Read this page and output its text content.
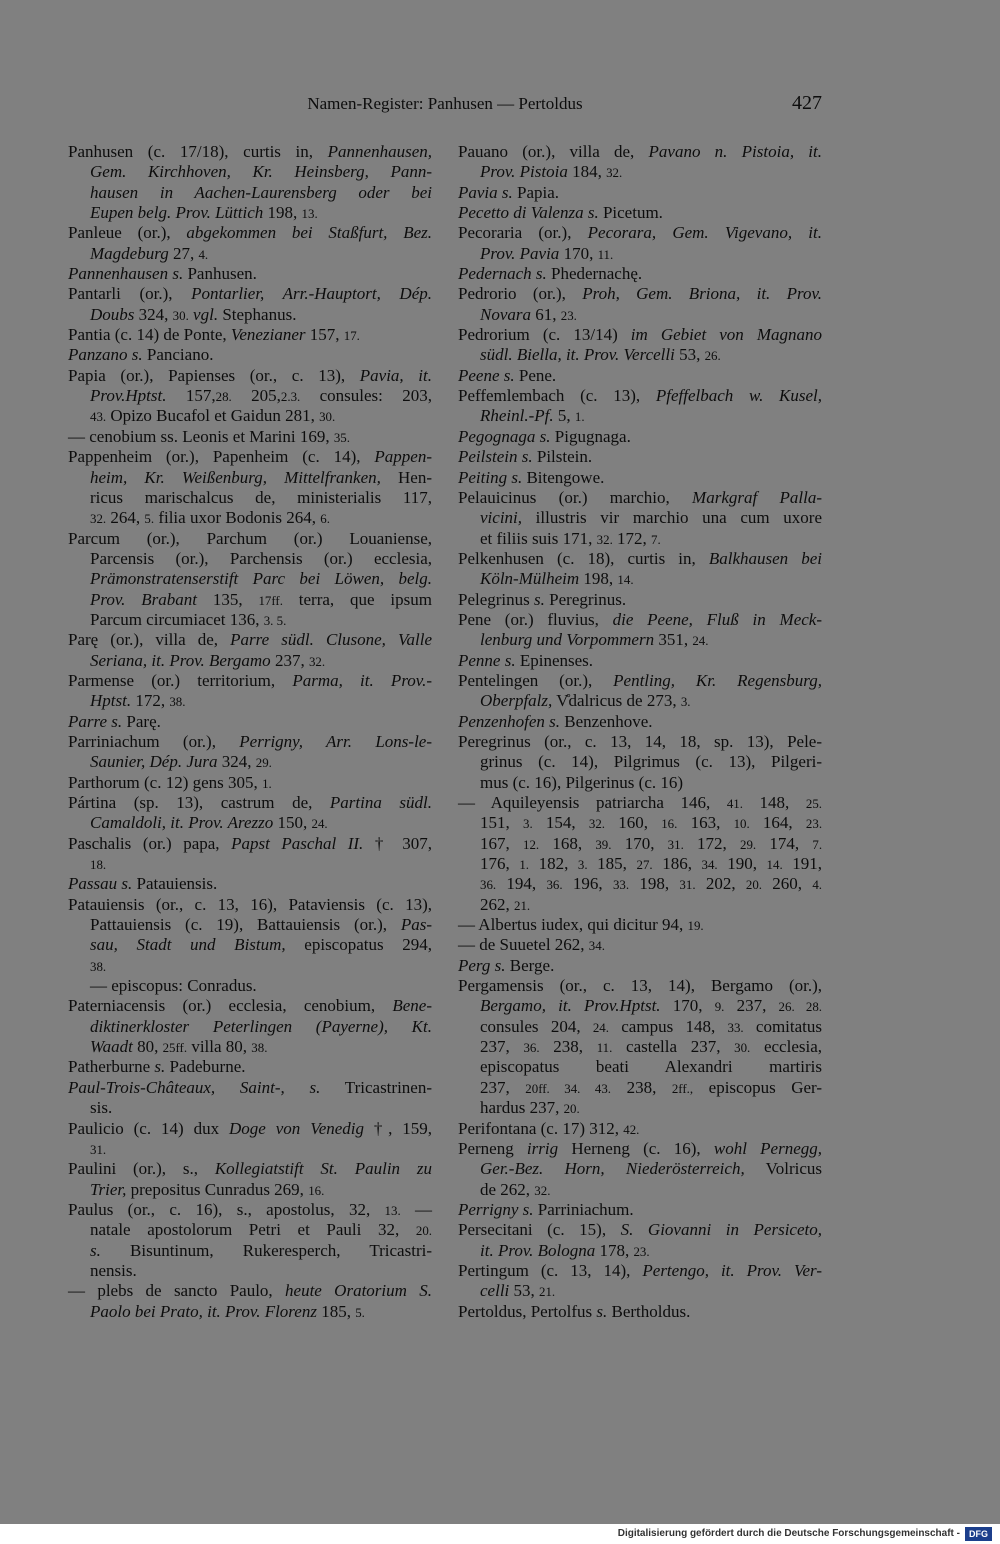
Namen-Register: Panhusen — Pertoldus	427
Panhusen (c. 17/18), curtis in, Pannenhausen,
Gem. Kirchhoven, Kr. Heinsberg, Pann-
hausen in Aachen-Laurensberg oder bei
Eupen belg. Prov. Lüttich 198, 13.
Panleue (or.), abgekommen bei Staßfurt, Bez.
Magdeburg 27, 4.
Pannenhausen s. Panhusen.
Pantarli (or.), Pontarlier, Arr.-Hauptort, Dép.
Doubs 324, 30. vgl. Stephanus.
Pantia (c. 14) de Ponte, Venezianer 157, 17.
Panzano s. Panciano.
Papia (or.), Papienses (or., c. 13), Pavia, it.
Prov.Hptst. 157,28. 205,2.3. consules: 203,
43. Opizo Bucafol et Gaidun 281, 30.
— cenobium ss. Leonis et Marini 169, 35.
Pappenheim (or.), Papenheim (c. 14), Pappen-
heim, Kr. Weißenburg, Mittelfranken, Hen-
ricus marischalcus de, ministerialis 117,
32. 264, 5. filia uxor Bodonis 264, 6.
Parcum (or.), Parchum (or.) Louaniense,
Parcensis (or.), Parchensis (or.) ecclesia,
Prämonstratenserstift Parc bei Löwen, belg.
Prov. Brabant 135, 17ff. terra, que ipsum
Parcum circumiacet 136, 3. 5.
Parę (or.), villa de, Parre südl. Clusone, Valle
Seriana, it. Prov. Bergamo 237, 32.
Parmense (or.) territorium, Parma, it. Prov.-
Hptst. 172, 38.
Parre s. Parę.
Parriniachum (or.), Perrigny, Arr. Lons-le-
Saunier, Dép. Jura 324, 29.
Parthorum (c. 12) gens 305, 1.
Pártina (sp. 13), castrum de, Partina südl.
Camaldoli, it. Prov. Arezzo 150, 24.
Paschalis (or.) papa, Papst Paschal II. † 307,
18.
Passau s. Patauiensis.
Patauiensis (or., c. 13, 16), Pataviensis (c. 13),
Pattauiensis (c. 19), Battauiensis (or.), Pas-
sau, Stadt und Bistum, episcopatus 294,
38.
— episcopus: Conradus.
Paterniacensis (or.) ecclesia, cenobium, Bene-
diktinerkloster Peterlingen (Payerne), Kt.
Waadt 80, 25ff. villa 80, 38.
Patherburne s. Padeburne.
Paul-Trois-Châteaux, Saint-, s. Tricastrinen-
sis.
Paulicio (c. 14) dux Doge von Venedig †, 159,
31.
Paulini (or.), s., Kollegiatstift St. Paulin zu
Trier, prepositus Cunradus 269, 16.
Paulus (or., c. 16), s., apostolus, 32, 13. —
natale apostolorum Petri et Pauli 32, 20.
s. Bisuntinum, Rukeresperch, Tricastri-
nensis.
— plebs de sancto Paulo, heute Oratorium S.
Paolo bei Prato, it. Prov. Florenz 185, 5.
Pauano (or.), villa de, Pavano n. Pistoia, it.
Prov. Pistoia 184, 32.
Pavia s. Papia.
Pecetto di Valenza s. Picetum.
Pecoraria (or.), Pecorara, Gem. Vigevano, it.
Prov. Pavia 170, 11.
Pedernach s. Phedernachę.
Pedrorio (or.), Proh, Gem. Briona, it. Prov.
Novara 61, 23.
Pedrorium (c. 13/14) im Gebiet von Magnano
südl. Biella, it. Prov. Vercelli 53, 26.
Peene s. Pene.
Peffemlembach (c. 13), Pfeffelbach w. Kusel,
Rheinl.-Pf. 5, 1.
Pegognaga s. Pigugnaga.
Peilstein s. Pilstein.
Peiting s. Bitengowe.
Pelauicinus (or.) marchio, Markgraf Palla-
vicini, illustris vir marchio una cum uxore
et filiis suis 171, 32. 172, 7.
Pelkenhusen (c. 18), curtis in, Balkhausen bei
Köln-Mülheim 198, 14.
Pelegrinus s. Peregrinus.
Pene (or.) fluvius, die Peene, Fluß in Meck-
lenburg und Vorpommern 351, 24.
Penne s. Epinenses.
Pentelingen (or.), Pentling, Kr. Regensburg,
Oberpfalz, V̊dalricus de 273, 3.
Penzenhofen s. Benzenhove.
Peregrinus (or., c. 13, 14, 18, sp. 13), Pele-
grinus (c. 14), Pilgrimus (c. 13), Pilgeri-
mus (c. 16), Pilgerinus (c. 16)
— Aquileyensis patriarcha 146, 41. 148, 25.
151, 3. 154, 32. 160, 16. 163, 10. 164, 23.
167, 12. 168, 39. 170, 31. 172, 29. 174, 7.
176, 1. 182, 3. 185, 27. 186, 34. 190, 14. 191,
36. 194, 36. 196, 33. 198, 31. 202, 20. 260, 4.
262, 21.
— Albertus iudex, qui dicitur 94, 19.
— de Suuetel 262, 34.
Perg s. Berge.
Pergamensis (or., c. 13, 14), Bergamo (or.),
Bergamo, it. Prov.Hptst. 170, 9. 237, 26. 28.
consules 204, 24. campus 148, 33. comitatus
237, 36. 238, 11. castella 237, 30. ecclesia,
episcopatus beati Alexandri martiris
237, 20ff. 34. 43. 238, 2ff., episcopus Ger-
hardus 237, 20.
Perifontana (c. 17) 312, 42.
Perneng irrig Herneng (c. 16), wohl Pernegg,
Ger.-Bez. Horn, Niederösterreich, Volricus
de 262, 32.
Perrigny s. Parriniachum.
Persecitani (c. 15), S. Giovanni in Persiceto,
it. Prov. Bologna 178, 23.
Pertingum (c. 13, 14), Pertengo, it. Prov. Ver-
celli 53, 21.
Pertoldus, Pertolfus s. Bertholdus.
Digitalisierung gefördert durch die Deutsche Forschungsgemeinschaft -	DFG
